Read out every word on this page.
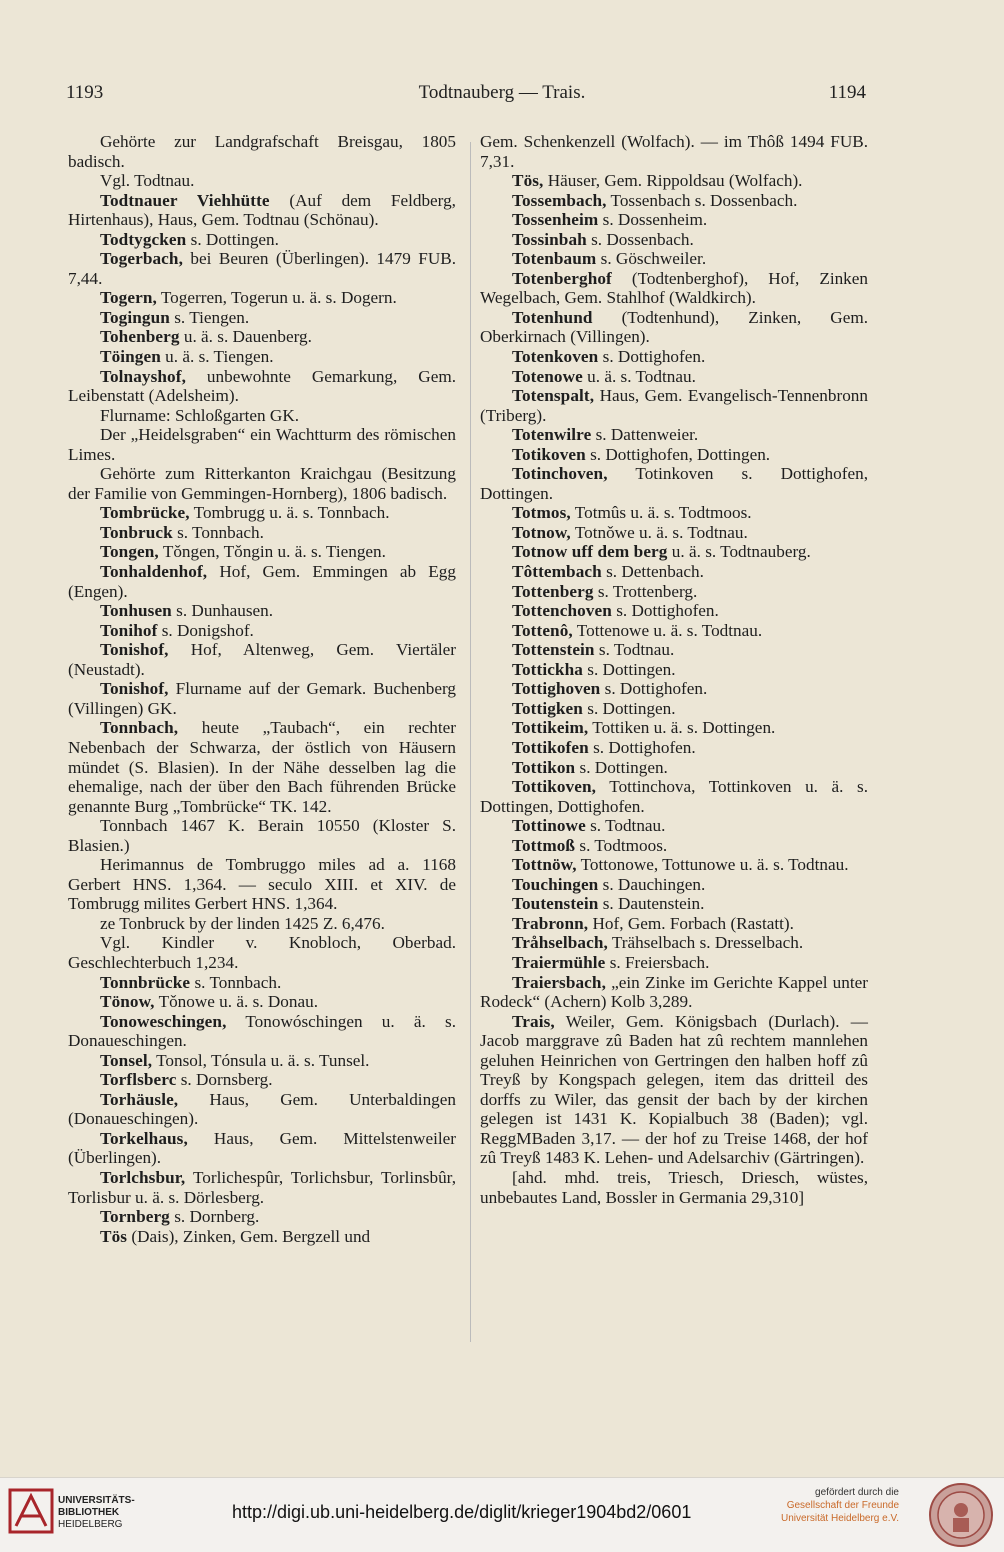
1193	Todtnauberg — Trais.	1194

Gehörte zur Landgrafschaft Breisgau, 1805 badisch.

Vgl. Todtnau.

Todtnauer Viehhütte (Auf dem Feldberg, Hirtenhaus), Haus, Gem. Todtnau (Schönau).

Todtygcken s. Dottingen.

Togerbach, bei Beuren (Überlingen). 1479 FUB. 7,44.

Togern, Togerren, Togerun u. ä. s. Dogern.

Togingun s. Tiengen.

Tohenberg u. ä. s. Dauenberg.

Töingen u. ä. s. Tiengen.

Tolnayshof, unbewohnte Gemarkung, Gem. Leibenstatt (Adelsheim).

Flurname: Schloßgarten GK.

Der „Heidelsgraben“ ein Wachtturm des römischen Limes.

Gehörte zum Ritterkanton Kraichgau (Besitzung der Familie von Gemmingen-Hornberg), 1806 badisch.

Tombrücke, Tombrugg u. ä. s. Tonnbach.

Tonbruck s. Tonnbach.

Tongen, Tǒngen, Tǒngin u. ä. s. Tiengen.

Tonhaldenhof, Hof, Gem. Emmingen ab Egg (Engen).

Tonhusen s. Dunhausen.

Tonihof s. Donigshof.

Tonishof, Hof, Altenweg, Gem. Viertäler (Neustadt).

Tonishof, Flurname auf der Gemark. Buchenberg (Villingen) GK.

Tonnbach, heute „Taubach“, ein rechter Nebenbach der Schwarza, der östlich von Häusern mündet (S. Blasien). In der Nähe desselben lag die ehemalige, nach der über den Bach führenden Brücke genannte Burg „Tombrücke“ TK. 142.

Tonnbach 1467 K. Berain 10550 (Kloster S. Blasien.)

Herimannus de Tombruggo miles ad a. 1168 Gerbert HNS. 1,364. — seculo XIII. et XIV. de Tombrugg milites Gerbert HNS. 1,364.

ze Tonbruck by der linden 1425 Z. 6,476.

Vgl. Kindler v. Knobloch, Oberbad. Geschlechterbuch 1,234.

Tonnbrücke s. Tonnbach.

Tönow, Tǒnowe u. ä. s. Donau.

Tonoweschingen, Tonowóschingen u. ä. s. Donaueschingen.

Tonsel, Tonsol, Tónsula u. ä. s. Tunsel.

Torflsberc s. Dornsberg.

Torhäusle, Haus, Gem. Unterbaldingen (Donaueschingen).

Torkelhaus, Haus, Gem. Mittelstenweiler (Überlingen).

Torlchsbur, Torlichespûr, Torlichsbur, Torlinsbûr, Torlisbur u. ä. s. Dörlesberg.

Tornberg s. Dornberg.

Tös (Dais), Zinken, Gem. Bergzell und

Gem. Schenkenzell (Wolfach). — im Thôß 1494 FUB. 7,31.

Tös, Häuser, Gem. Rippoldsau (Wolfach).

Tossembach, Tossenbach s. Dossenbach.

Tossenheim s. Dossenheim.

Tossinbah s. Dossenbach.

Totenbaum s. Göschweiler.

Totenberghof (Todtenberghof), Hof, Zinken Wegelbach, Gem. Stahlhof (Waldkirch).

Totenhund (Todtenhund), Zinken, Gem. Oberkirnach (Villingen).

Totenkoven s. Dottighofen.

Totenowe u. ä. s. Todtnau.

Totenspalt, Haus, Gem. Evangelisch-Tennenbronn (Triberg).

Totenwilre s. Dattenweier.

Totikoven s. Dottighofen, Dottingen.

Totinchoven, Totinkoven s. Dottighofen, Dottingen.

Totmos, Totmûs u. ä. s. Todtmoos.

Totnow, Totnǒwe u. ä. s. Todtnau.

Totnow uff dem berg u. ä. s. Todtnauberg.

Tôttembach s. Dettenbach.

Tottenberg s. Trottenberg.

Tottenchoven s. Dottighofen.

Tottenô, Tottenowe u. ä. s. Todtnau.

Tottenstein s. Todtnau.

Tottickha s. Dottingen.

Tottighoven s. Dottighofen.

Tottigken s. Dottingen.

Tottikeim, Tottiken u. ä. s. Dottingen.

Tottikofen s. Dottighofen.

Tottikon s. Dottingen.

Tottikoven, Tottinchova, Tottinkoven u. ä. s. Dottingen, Dottighofen.

Tottinowe s. Todtnau.

Tottmoß s. Todtmoos.

Tottnöw, Tottonowe, Tottunowe u. ä. s. Todtnau.

Touchingen s. Dauchingen.

Toutenstein s. Dautenstein.

Trabronn, Hof, Gem. Forbach (Rastatt).

Tråhselbach, Trähselbach s. Dresselbach.

Traiermühle s. Freiersbach.

Traiersbach, „ein Zinke im Gerichte Kappel unter Rodeck“ (Achern) Kolb 3,289.

Trais, Weiler, Gem. Königsbach (Durlach). — Jacob marggrave zû Baden hat zû rechtem mannlehen geluhen Heinrichen von Gertringen den halben hoff zû Treyß by Kongspach gelegen, item das dritteil des dorffs zu Wiler, das gensit der bach by der kirchen gelegen ist 1431 K. Kopialbuch 38 (Baden); vgl. ReggMBaden 3,17. — der hof zu Treise 1468, der hof zû Treyß 1483 K. Lehen- und Adelsarchiv (Gärtringen).

[ahd. mhd. treis, Triesch, Driesch, wüstes, unbebautes Land, Bossler in Germania 29,310]

UNIVERSITÄTS-
BIBLIOTHEK
HEIDELBERG
http://digi.ub.uni-heidelberg.de/diglit/krieger1904bd2/0601
gefördert durch die
Gesellschaft der Freunde
Universität Heidelberg e.V.
